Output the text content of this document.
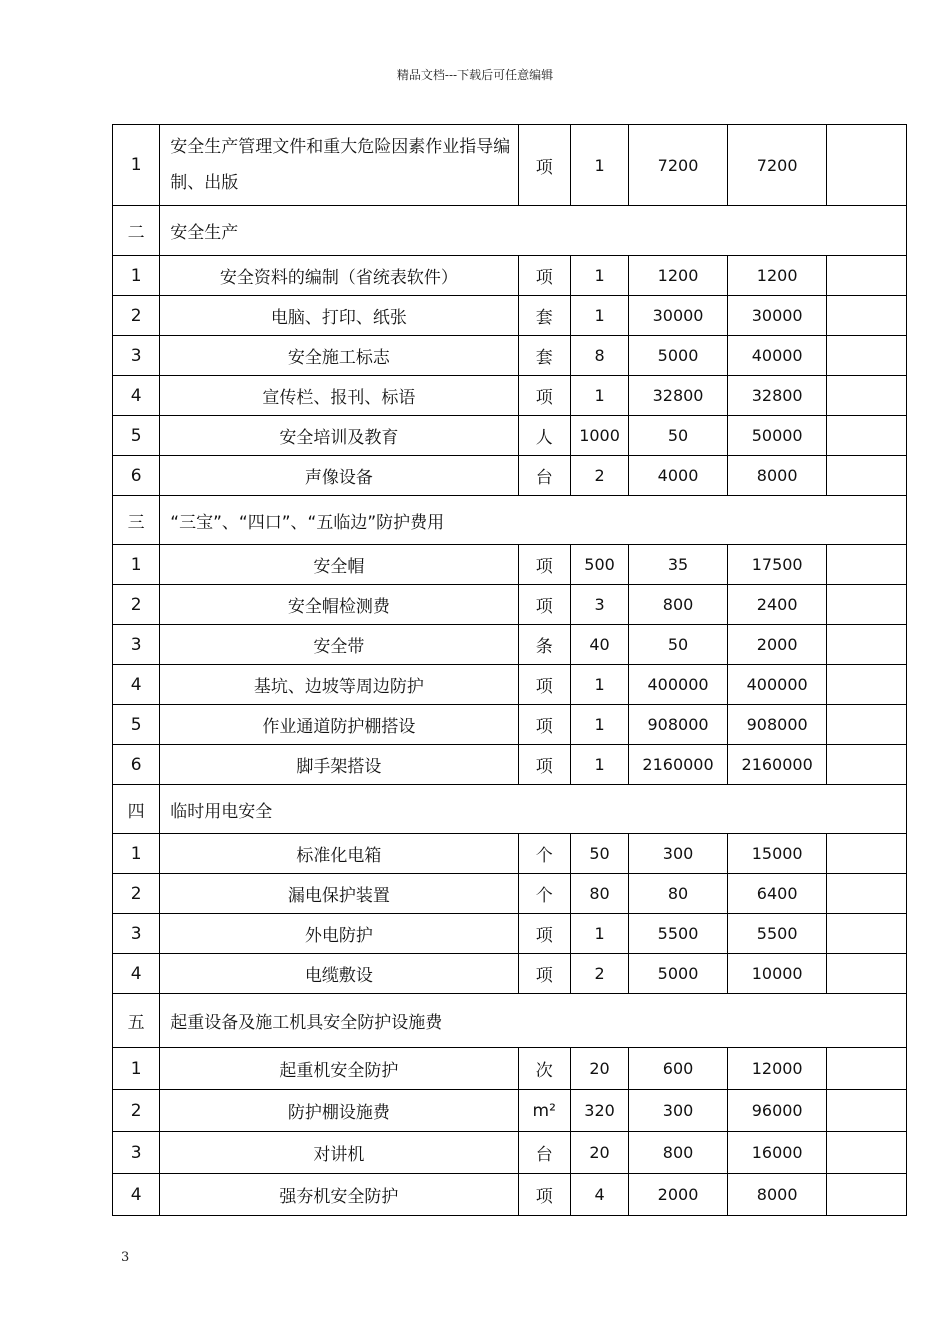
精品文档---下载后可任意编辑
1	安全生产管理文件和重大危险因素作业指导编制、出版	项	1	7200	7200	
二	安全生产					
1	安全资料的编制（省统表软件）	项	1	1200	1200	
2	电脑、打印、纸张	套	1	30000	30000	
3	安全施工标志	套	8	5000	40000	
4	宣传栏、报刊、标语	项	1	32800	32800	
5	安全培训及教育	人	1000	50	50000	
6	声像设备	台	2	4000	8000	
三	“三宝”、“四口”、“五临边”防护费用					
1	安全帽	项	500	35	17500	
2	安全帽检测费	项	3	800	2400	
3	安全带	条	40	50	2000	
4	基坑、边坡等周边防护	项	1	400000	400000	
5	作业通道防护棚搭设	项	1	908000	908000	
6	脚手架搭设	项	1	2160000	2160000	
四	临时用电安全					
1	标准化电箱	个	50	300	15000	
2	漏电保护装置	个	80	80	6400	
3	外电防护	项	1	5500	5500	
4	电缆敷设	项	2	5000	10000	
五	起重设备及施工机具安全防护设施费					
1	起重机安全防护	次	20	600	12000	
2	防护棚设施费	m²	320	300	96000	
3	对讲机	台	20	800	16000	
4	强夯机安全防护	项	4	2000	8000	
3
